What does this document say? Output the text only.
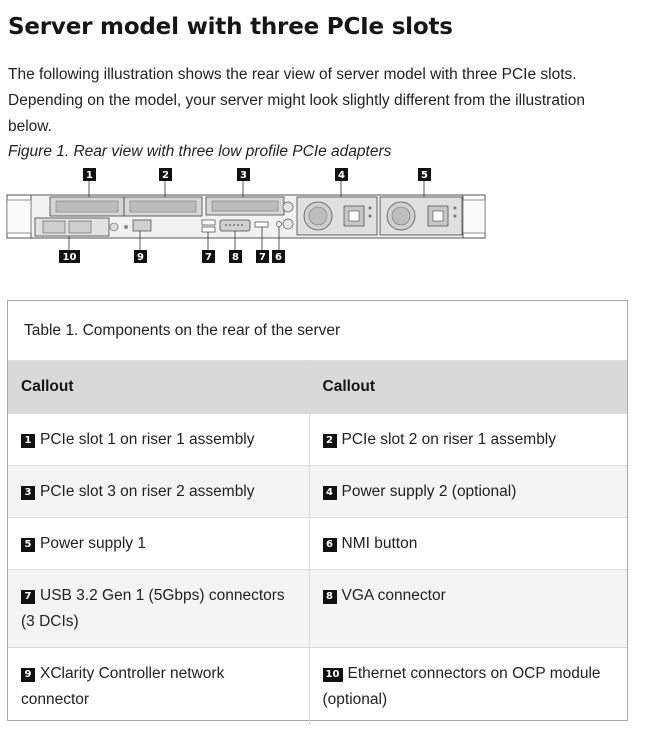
Server model with three PCIe slots

The following illustration shows the rear view of server model with three PCIe slots. Depending on the model, your server might look slightly different from the illustration below.

Figure 1. Rear view with three low profile PCIe adapters

1	2	3	4	5
10	9	7 8 7 6
Table 1. Components on the rear of the server
Callout	Callout
1 PCIe slot 1 on riser 1 assembly	2 PCIe slot 2 on riser 1 assembly
3 PCIe slot 3 on riser 2 assembly	4 Power supply 2 (optional)
5 Power supply 1	6 NMI button
7 USB 3.2 Gen 1 (5Gbps) connectors (3 DCIs)	8 VGA connector
9 XClarity Controller network connector	10 Ethernet connectors on OCP module (optional)
